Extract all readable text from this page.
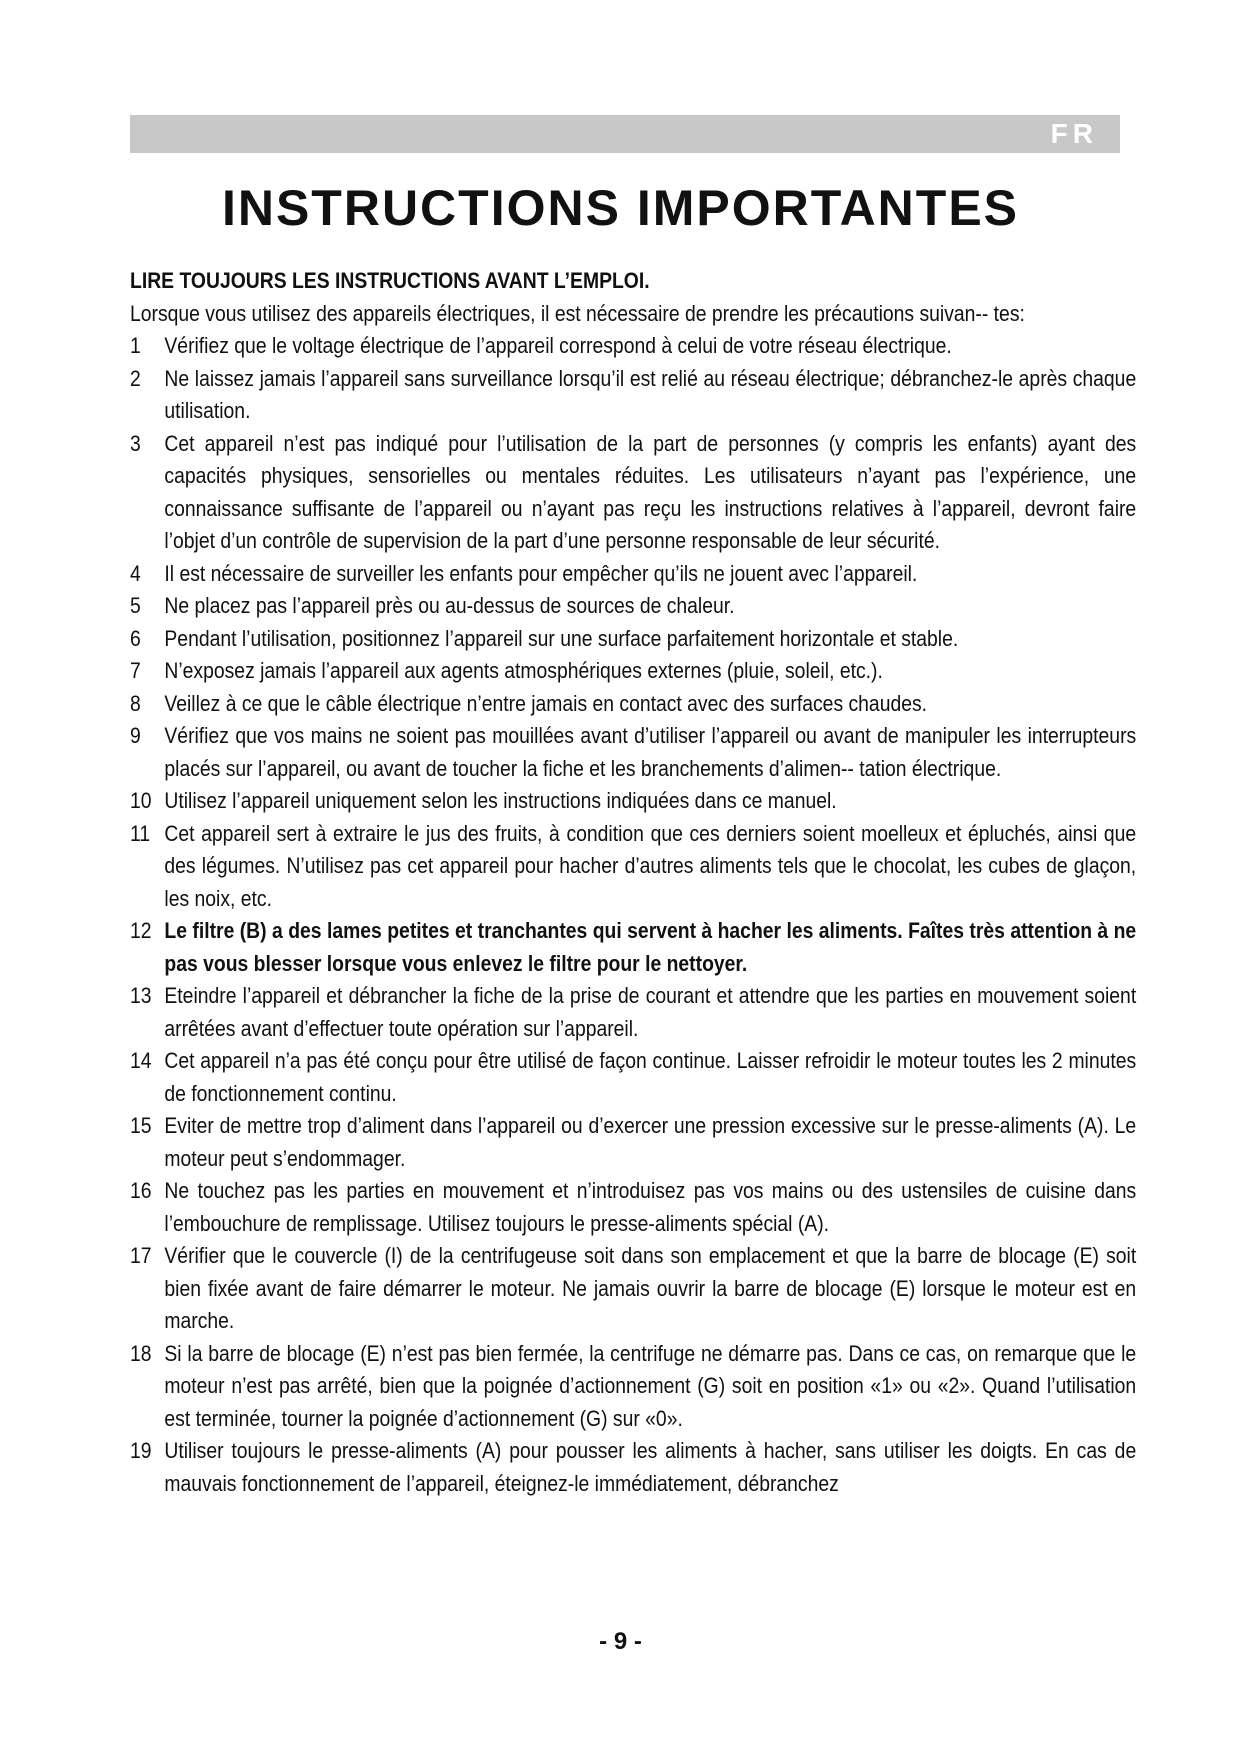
FR
INSTRUCTIONS IMPORTANTES

LIRE TOUJOURS LES INSTRUCTIONS AVANT L’EMPLOI.

Lorsque vous utilisez des appareils électriques, il est nécessaire de prendre les précautions suivan-- tes:

1 Vérifiez que le voltage électrique de l’appareil correspond à celui de votre réseau électrique.
2 Ne laissez jamais l’appareil sans surveillance lorsqu’il est relié au réseau électrique; débranchez-le après chaque utilisation.
3 Cet appareil n’est pas indiqué pour l’utilisation de la part de personnes (y compris les enfants) ayant des capacités physiques, sensorielles ou mentales réduites. Les utilisateurs n’ayant pas l’expérience, une connaissance suffisante de l’appareil ou n’ayant pas reçu les instructions relatives à l’appareil, devront faire l’objet d’un contrôle de supervision de la part d’une personne responsable de leur sécurité.
4 Il est nécessaire de surveiller les enfants pour empêcher qu’ils ne jouent avec l’appareil.
5 Ne placez pas l’appareil près ou au-dessus de sources de chaleur.
6 Pendant l’utilisation, positionnez l’appareil sur une surface parfaitement horizontale et stable.
7 N’exposez jamais l’appareil aux agents atmosphériques externes (pluie, soleil, etc.).
8 Veillez à ce que le câble électrique n’entre jamais en contact avec des surfaces chaudes.
9 Vérifiez que vos mains ne soient pas mouillées avant d’utiliser l’appareil ou avant de manipuler les interrupteurs placés sur l’appareil, ou avant de toucher la fiche et les branchements d’alimen-- tation électrique.
10 Utilisez l’appareil uniquement selon les instructions indiquées dans ce manuel.
11 Cet appareil sert à extraire le jus des fruits, à condition que ces derniers soient moelleux et épluchés, ainsi que des légumes. N’utilisez pas cet appareil pour hacher d’autres aliments tels que le chocolat, les cubes de glaçon, les noix, etc.
12 Le filtre (B) a des lames petites et tranchantes qui servent à hacher les aliments. Faîtes très attention à ne pas vous blesser lorsque vous enlevez le filtre pour le nettoyer.
13 Eteindre l’appareil et débrancher la fiche de la prise de courant et attendre que les parties en mouvement soient arrêtées avant d’effectuer toute opération sur l’appareil.
14 Cet appareil n’a pas été conçu pour être utilisé de façon continue. Laisser refroidir le moteur toutes les 2 minutes de fonctionnement continu.
15 Eviter de mettre trop d’aliment dans l’appareil ou d’exercer une pression excessive sur le presse-aliments (A). Le moteur peut s’endommager.
16 Ne touchez pas les parties en mouvement et n’introduisez pas vos mains ou des ustensiles de cuisine dans l’embouchure de remplissage. Utilisez toujours le presse-aliments spécial (A).
17 Vérifier que le couvercle (I) de la centrifugeuse soit dans son emplacement et que la barre de blocage (E) soit bien fixée avant de faire démarrer le moteur. Ne jamais ouvrir la barre de blocage (E) lorsque le moteur est en marche.
18 Si la barre de blocage (E) n’est pas bien fermée, la centrifuge ne démarre pas. Dans ce cas, on remarque que le moteur n’est pas arrêté, bien que la poignée d’actionnement (G) soit en position «1» ou «2». Quand l’utilisation est terminée, tourner la poignée d’actionnement (G) sur «0».
19 Utiliser toujours le presse-aliments (A) pour pousser les aliments à hacher, sans utiliser les doigts. En cas de mauvais fonctionnement de l’appareil, éteignez-le immédiatement, débranchez
- 9 -
